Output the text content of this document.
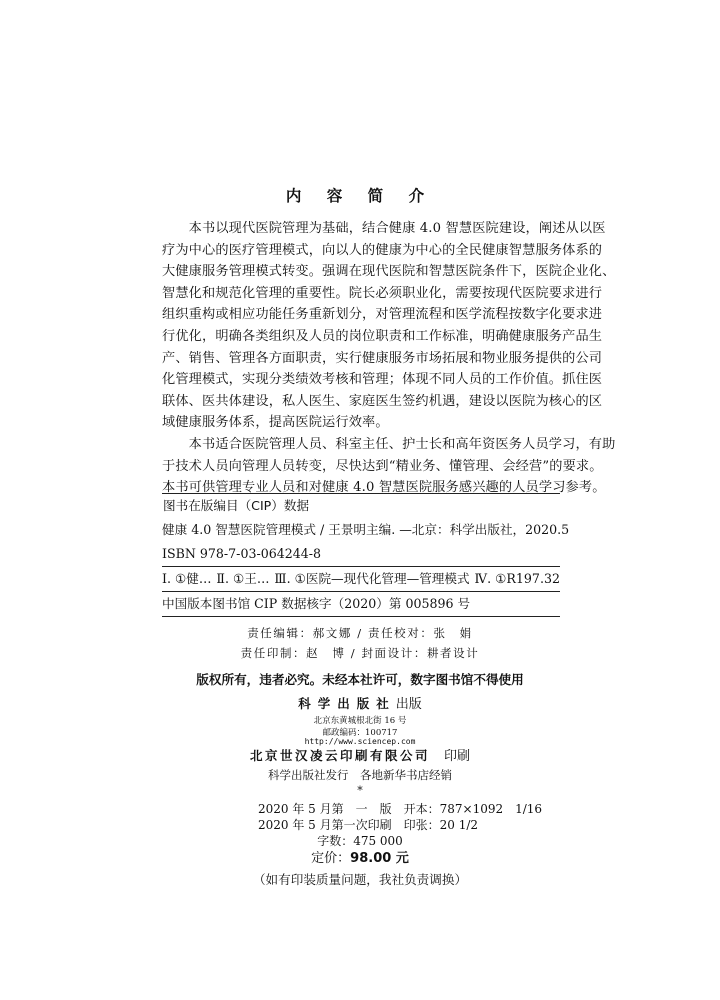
内 容 简 介
　　本书以现代医院管理为基础，结合健康 4.0 智慧医院建设，阐述从以医
疗为中心的医疗管理模式，向以人的健康为中心的全民健康智慧服务体系的
大健康服务管理模式转变。强调在现代医院和智慧医院条件下，医院企业化、
智慧化和规范化管理的重要性。院长必须职业化，需要按现代医院要求进行
组织重构或相应功能任务重新划分，对管理流程和医学流程按数字化要求进
行优化，明确各类组织及人员的岗位职责和工作标准，明确健康服务产品生
产、销售、管理各方面职责，实行健康服务市场拓展和物业服务提供的公司
化管理模式，实现分类绩效考核和管理；体现不同人员的工作价值。抓住医
联体、医共体建设，私人医生、家庭医生签约机遇，建设以医院为核心的区
域健康服务体系，提高医院运行效率。
　　本书适合医院管理人员、科室主任、护士长和高年资医务人员学习，有助
于技术人员向管理人员转变，尽快达到“精业务、懂管理、会经营”的要求。
本书可供管理专业人员和对健康 4.0 智慧医院服务感兴趣的人员学习参考。
图书在版编目（CIP）数据
健康 4.0 智慧医院管理模式 / 王景明主编. —北京：科学出版社，2020.5
ISBN 978-7-03-064244-8
Ⅰ. ①健… Ⅱ. ①王… Ⅲ. ①医院—现代化管理—管理模式 Ⅳ. ①R197.32
中国版本图书馆 CIP 数据核字（2020）第 005896 号
责任编辑：郝文娜 / 责任校对：张　娟
责任印制：赵　博 / 封面设计：耕者设计
版权所有，违者必究。未经本社许可，数字图书馆不得使用
科学出版社出版
北京东黄城根北街 16 号
邮政编码：100717
http://www.sciencep.com
北京世汉凌云印刷有限公司 印刷
科学出版社发行　各地新华书店经销
*
2020 年 5 月第　一　版　开本：787×1092　1/16
2020 年 5 月第一次印刷　印张：20 1/2
字数：475 000
定价：98.00 元
（如有印装质量问题，我社负责调换）
